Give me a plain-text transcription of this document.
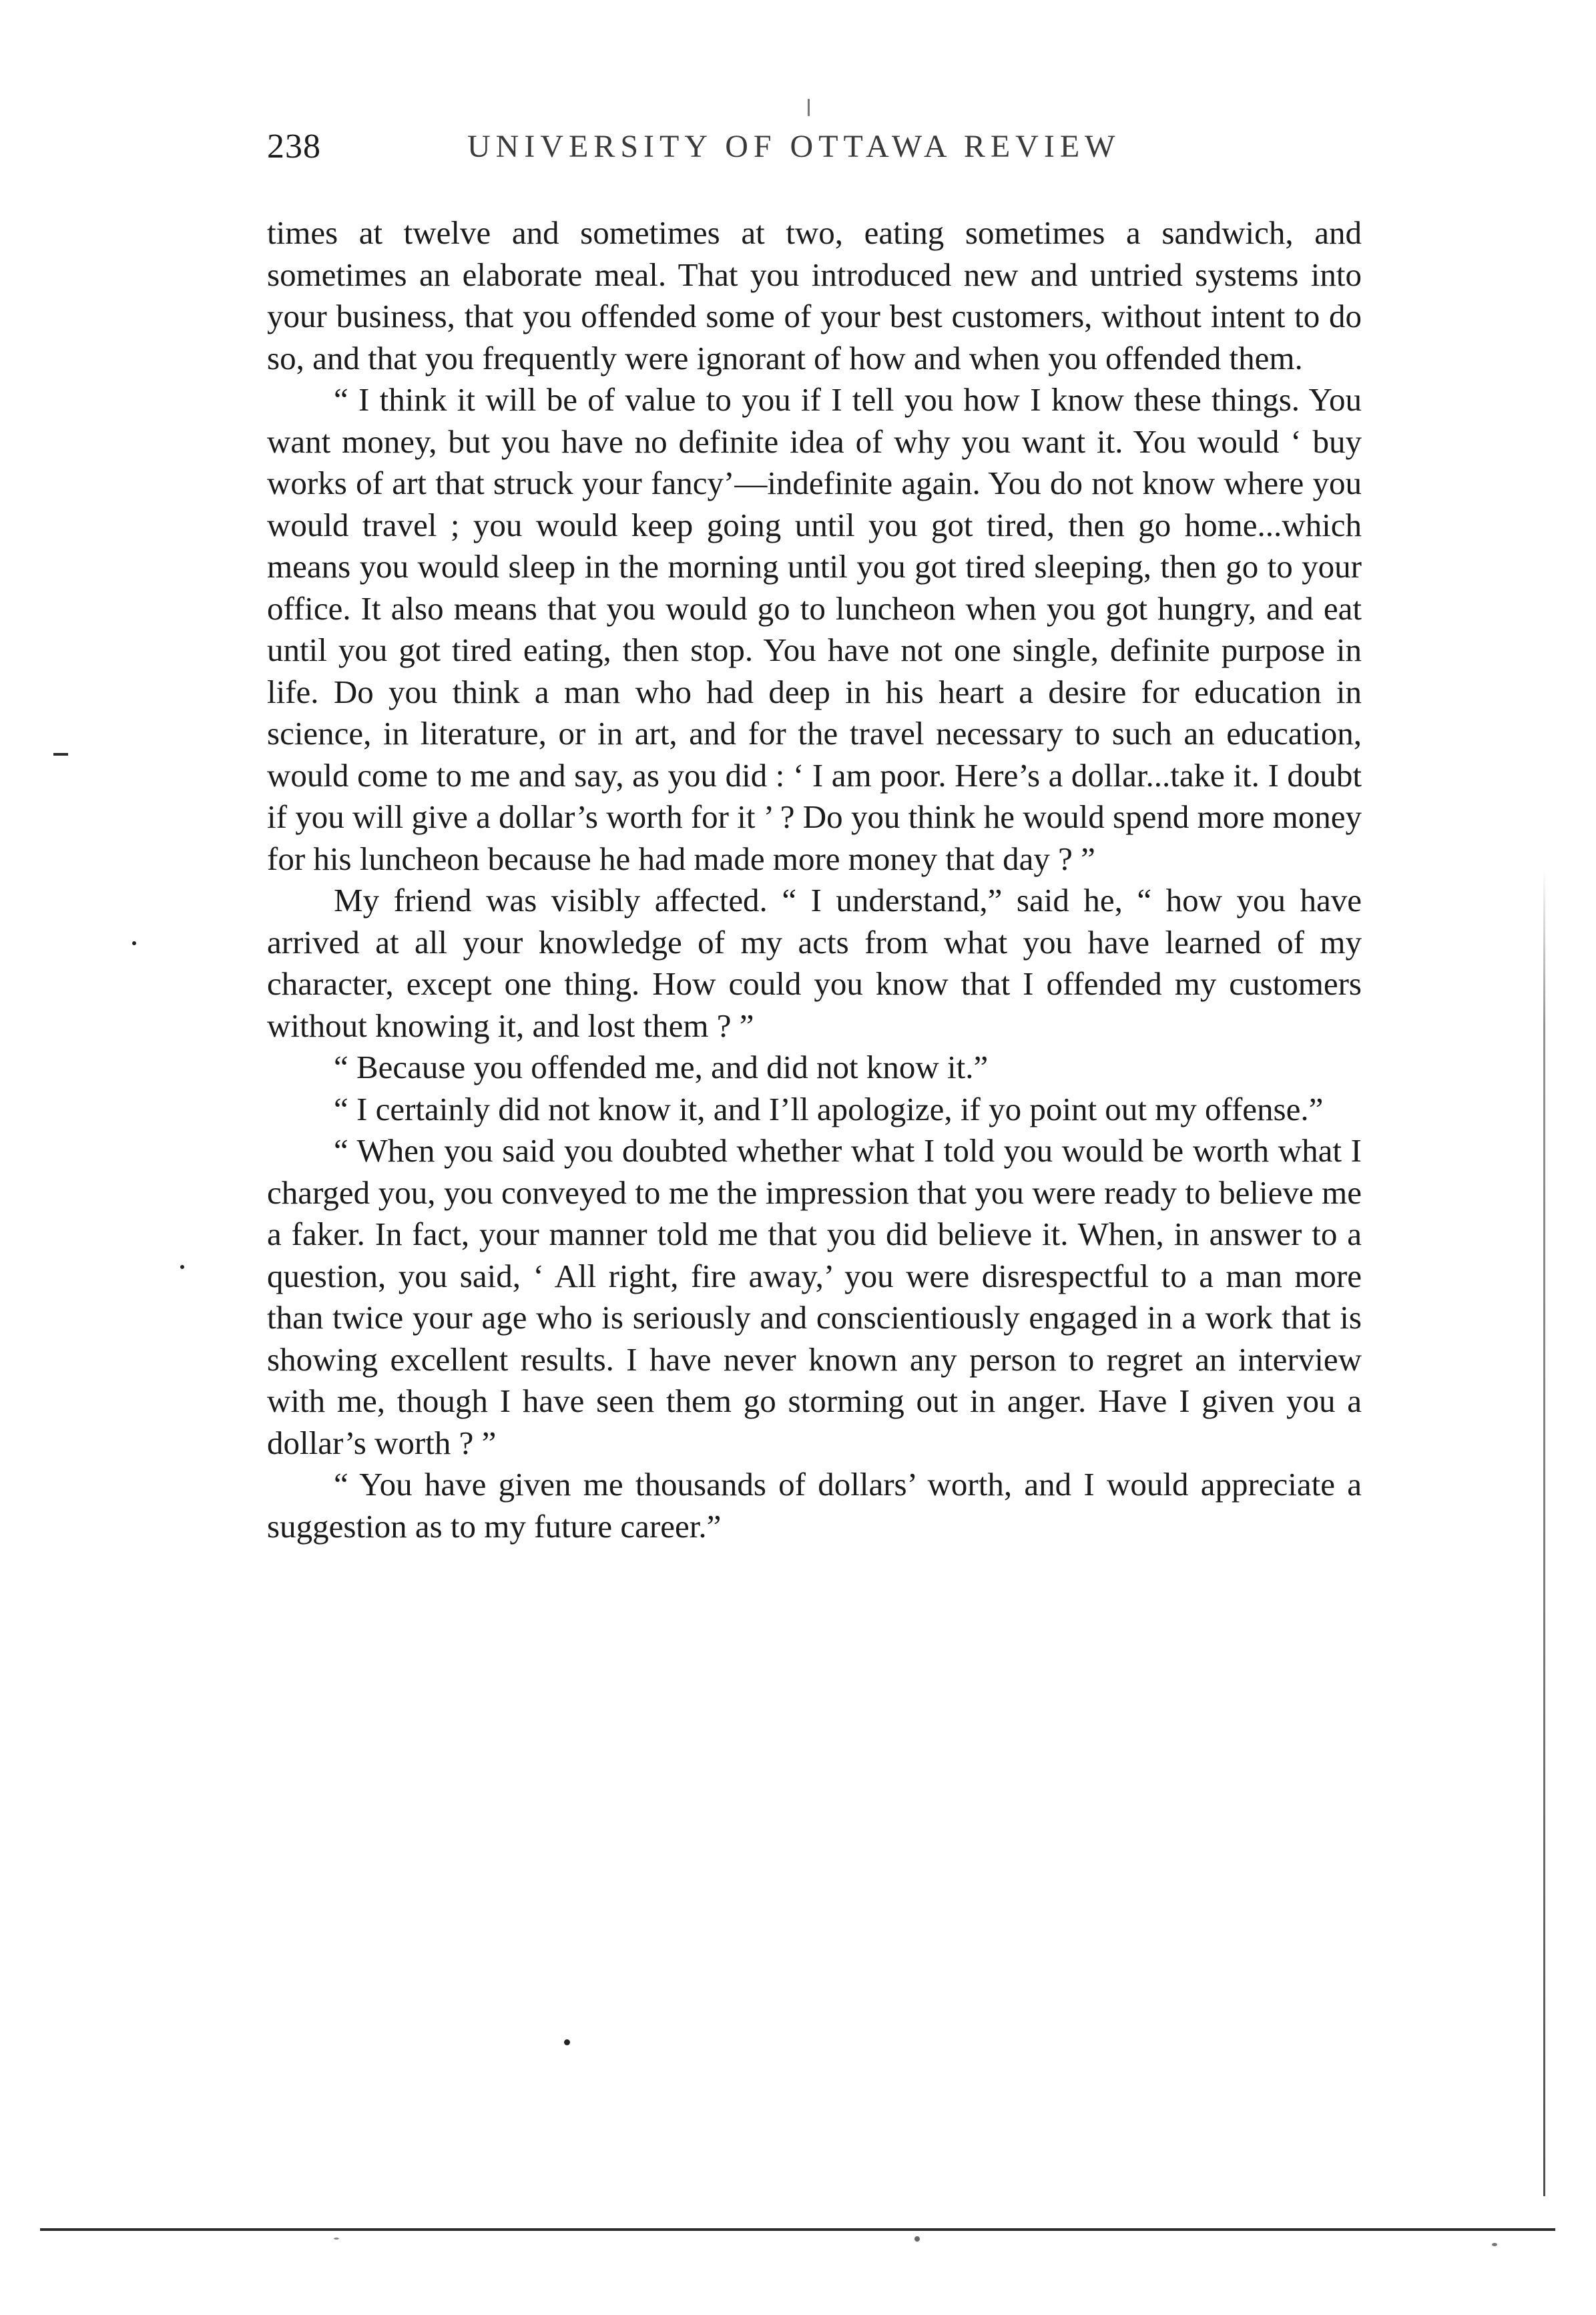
238	UNIVERSITY OF OTTAWA REVIEW

times at twelve and sometimes at two, eating sometimes a sandwich, and sometimes an elaborate meal. That you introduced new and untried systems into your business, that you offended some of your best customers, without intent to do so, and that you frequently were ignorant of how and when you offended them.

“ I think it will be of value to you if I tell you how I know these things. You want money, but you have no definite idea of why you want it. You would ‘ buy works of art that struck your fancy’—indefinite again. You do not know where you would travel ; you would keep going until you got tired, then go home...which means you would sleep in the morning until you got tired sleeping, then go to your office. It also means that you would go to luncheon when you got hungry, and eat until you got tired eating, then stop. You have not one single, definite purpose in life. Do you think a man who had deep in his heart a desire for education in science, in literature, or in art, and for the travel necessary to such an education, would come to me and say, as you did : ‘ I am poor. Here’s a dollar...take it. I doubt if you will give a dollar’s worth for it ’ ? Do you think he would spend more money for his luncheon because he had made more money that day ? ”

My friend was visibly affected. “ I understand,” said he, “ how you have arrived at all your knowledge of my acts from what you have learned of my character, except one thing. How could you know that I offended my customers without knowing it, and lost them ? ”

“ Because you offended me, and did not know it.”

“ I certainly did not know it, and I’ll apologize, if yo point out my offense.”

“ When you said you doubted whether what I told you would be worth what I charged you, you conveyed to me the impression that you were ready to believe me a faker. In fact, your manner told me that you did believe it. When, in answer to a question, you said, ‘ All right, fire away,’ you were disrespectful to a man more than twice your age who is seriously and conscientiously engaged in a work that is showing excellent results. I have never known any person to regret an interview with me, though I have seen them go storming out in anger. Have I given you a dollar’s worth ? ”

“ You have given me thousands of dollars’ worth, and I would appreciate a suggestion as to my future career.”
